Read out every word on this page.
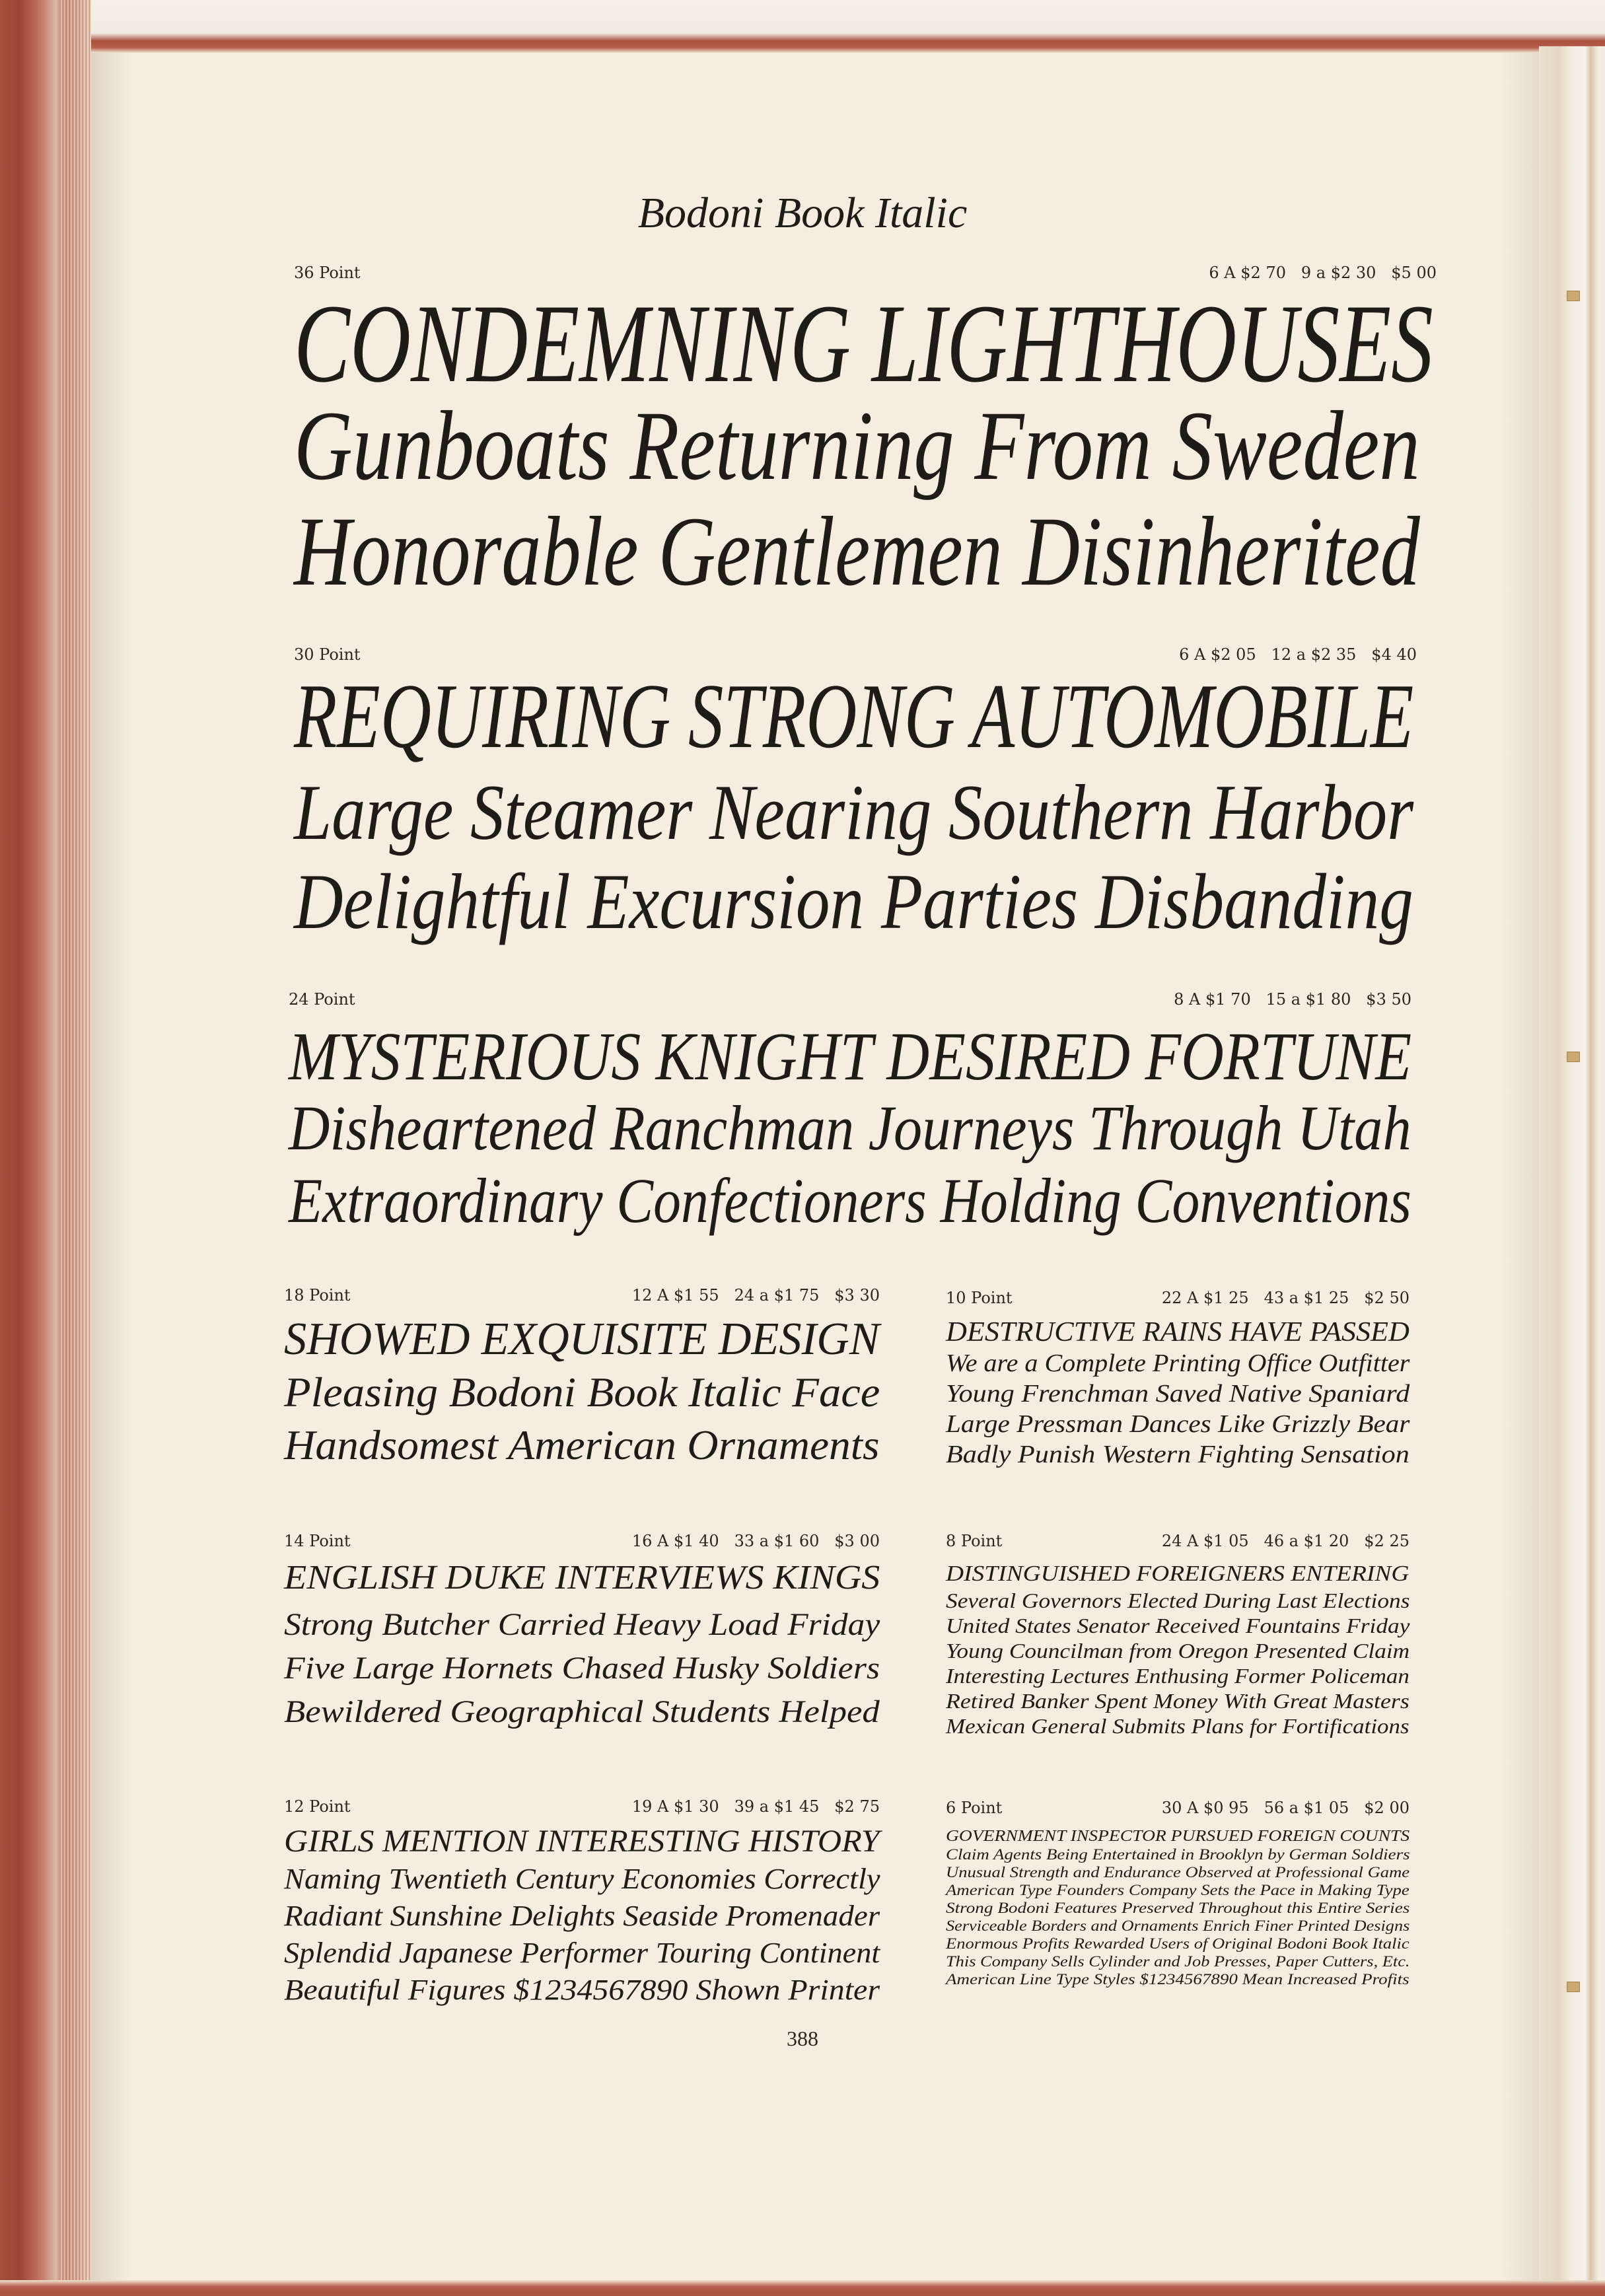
Bodoni Book Italic
36 Point	6 A $2 70   9 a $2 30   $5 00
CONDEMNING LIGHTHOUSES
Gunboats Returning From Sweden
Honorable Gentlemen Disinherited
30 Point	6 A $2 05   12 a $2 35   $4 40
REQUIRING STRONG AUTOMOBILE
Large Steamer Nearing Southern Harbor
Delightful Excursion Parties Disbanding
24 Point	8 A $1 70   15 a $1 80   $3 50
MYSTERIOUS KNIGHT DESIRED FORTUNE
Disheartened Ranchman Journeys Through Utah
Extraordinary Confectioners Holding Conventions
18 Point	12 A $1 55   24 a $1 75   $3 30
SHOWED EXQUISITE DESIGN
Pleasing Bodoni Book Italic Face
Handsomest American Ornaments
10 Point	22 A $1 25   43 a $1 25   $2 50
DESTRUCTIVE RAINS HAVE PASSED
We are a Complete Printing Office Outfitter
Young Frenchman Saved Native Spaniard
Large Pressman Dances Like Grizzly Bear
Badly Punish Western Fighting Sensation
14 Point	16 A $1 40   33 a $1 60   $3 00
ENGLISH DUKE INTERVIEWS KINGS
Strong Butcher Carried Heavy Load Friday
Five Large Hornets Chased Husky Soldiers
Bewildered Geographical Students Helped
8 Point	24 A $1 05   46 a $1 20   $2 25
DISTINGUISHED FOREIGNERS ENTERING
Several Governors Elected During Last Elections
United States Senator Received Fountains Friday
Young Councilman from Oregon Presented Claim
Interesting Lectures Enthusing Former Policeman
Retired Banker Spent Money With Great Masters
Mexican General Submits Plans for Fortifications
12 Point	19 A $1 30   39 a $1 45   $2 75
GIRLS MENTION INTERESTING HISTORY
Naming Twentieth Century Economies Correctly
Radiant Sunshine Delights Seaside Promenader
Splendid Japanese Performer Touring Continent
Beautiful Figures $1234567890 Shown Printer
6 Point	30 A $0 95   56 a $1 05   $2 00
GOVERNMENT INSPECTOR PURSUED FOREIGN COUNTS
Claim Agents Being Entertained in Brooklyn by German Soldiers
Unusual Strength and Endurance Observed at Professional Game
American Type Founders Company Sets the Pace in Making Type
Strong Bodoni Features Preserved Throughout this Entire Series
Serviceable Borders and Ornaments Enrich Finer Printed Designs
Enormous Profits Rewarded Users of Original Bodoni Book Italic
This Company Sells Cylinder and Job Presses, Paper Cutters, Etc.
American Line Type Styles $1234567890 Mean Increased Profits
388
